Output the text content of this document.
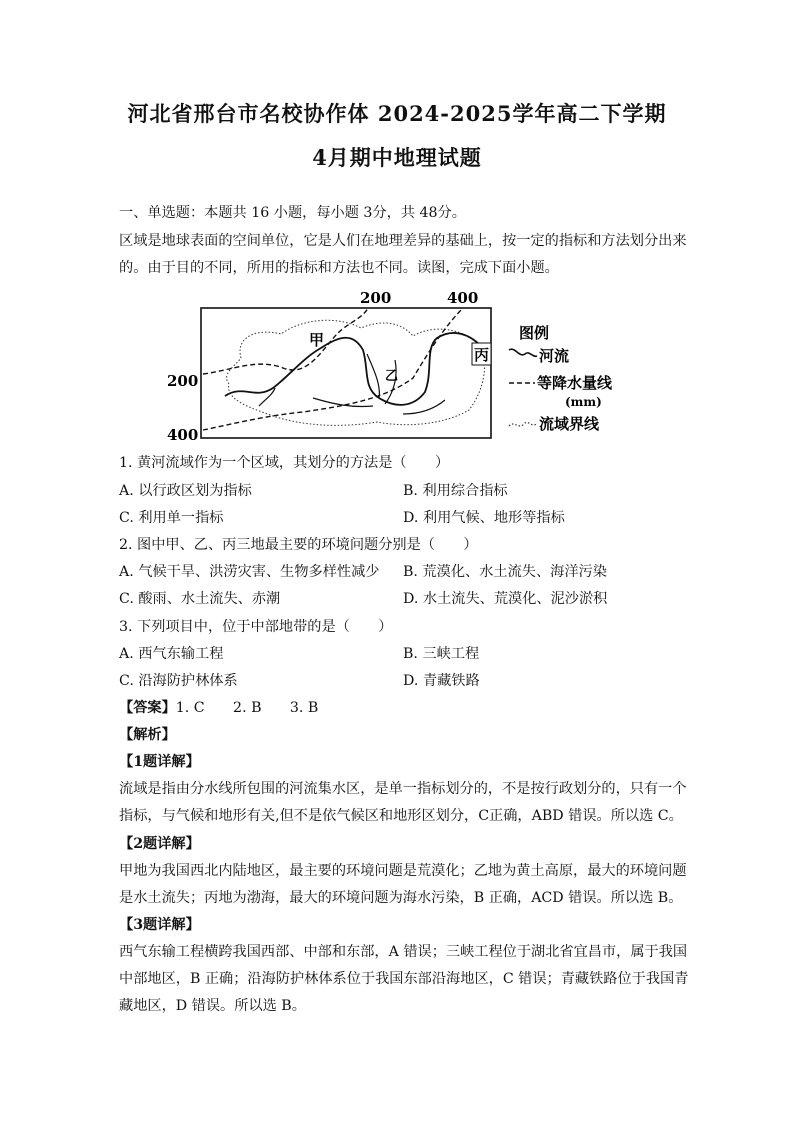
河北省邢台市名校协作体 2024-2025学年高二下学期
4月期中地理试题
一、单选题：本题共 16 小题，每小题 3分，共 48分。
区域是地球表面的空间单位，它是人们在地理差异的基础上，按一定的指标和方法划分出来
的。由于目的不同，所用的指标和方法也不同。读图，完成下面小题。
200	400
200
400
甲
乙
丙
图例
河流
等降水量线
(mm)
流域界线
1. 黄河流域作为一个区域，其划分的方法是（　　）
A. 以行政区划为指标	B. 利用综合指标
C. 利用单一指标	D. 利用气候、地形等指标
2. 图中甲、乙、丙三地最主要的环境问题分别是（　　）
A. 气候干旱、洪涝灾害、生物多样性减少 B. 荒漠化、水土流失、海洋污染
C. 酸雨、水土流失、赤潮	D. 水土流失、荒漠化、泥沙淤积
3. 下列项目中，位于中部地带的是（　　）
A. 西气东输工程	B. 三峡工程
C. 沿海防护林体系	D. 青藏铁路
【答案】1. C　　2. B　　3. B
【解析】
【1题详解】
流域是指由分水线所包围的河流集水区，是单一指标划分的，不是按行政划分的，只有一个
指标，与气候和地形有关,但不是依气候区和地形区划分，C正确，ABD 错误。所以选 C。
【2题详解】
甲地为我国西北内陆地区，最主要的环境问题是荒漠化；乙地为黄土高原，最大的环境问题
是水土流失；丙地为渤海，最大的环境问题为海水污染，B 正确，ACD 错误。所以选 B。
【3题详解】
西气东输工程横跨我国西部、中部和东部，A 错误；三峡工程位于湖北省宜昌市，属于我国
中部地区，B 正确；沿海防护林体系位于我国东部沿海地区，C 错误；青藏铁路位于我国青
藏地区，D 错误。所以选 B。
